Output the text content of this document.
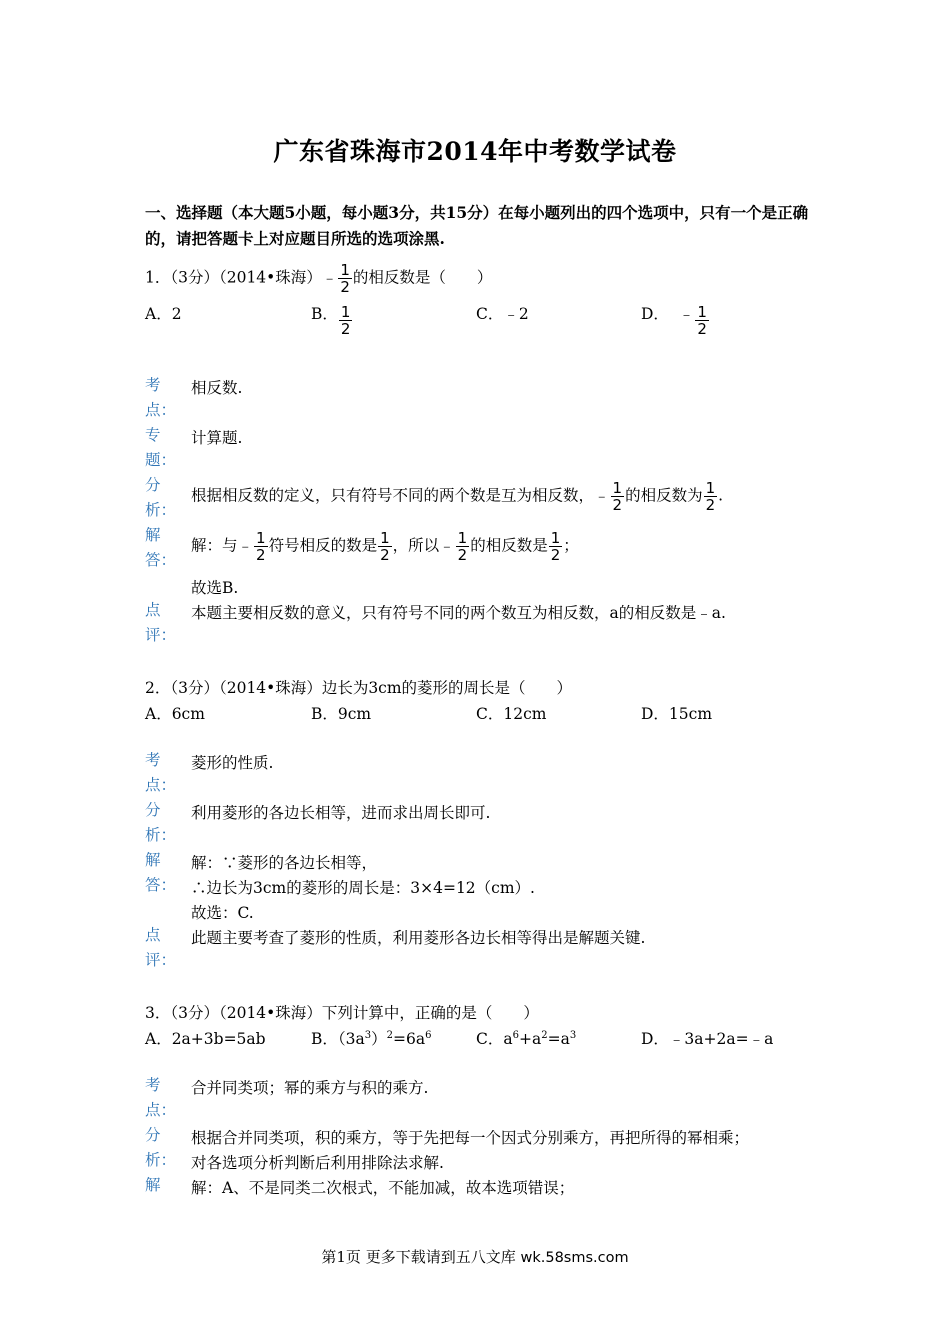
广东省珠海市2014年中考数学试卷
一、选择题（本大题5小题，每小题3分，共15分）在每小题列出的四个选项中，只有一个是正确的，请把答题卡上对应题目所选的选项涂黑.
1．（3分）（2014•珠海）﹣ $\frac{1}{2}$ 的相反数是（　　）
A．2	B． $\frac{1}{2}$	C．﹣2	D． ﹣ $\frac{1}{2}$
考
点：
相反数.
专
题：
计算题.
分
析：
根据相反数的定义，只有符号不同的两个数是互为相反数，﹣ $\frac{1}{2}$ 的相反数为 $\frac{1}{2}$ .
解
答：
解：与﹣ $\frac{1}{2}$ 符号相反的数是 $\frac{1}{2}$ ，所以﹣ $\frac{1}{2}$ 的相反数是 $\frac{1}{2}$ ；
故选B.
点
评：
本题主要相反数的意义，只有符号不同的两个数互为相反数，a的相反数是﹣a.
2．（3分）（2014•珠海）边长为3cm的菱形的周长是（　　）
A．6cm	B．9cm	C．12cm	D．15cm
考
点：
菱形的性质.
分
析：
利用菱形的各边长相等，进而求出周长即可.
解
答：
解：∵菱形的各边长相等，
∴边长为3cm的菱形的周长是：3×4=12（cm）.
故选：C.
点
评：
此题主要考查了菱形的性质，利用菱形各边长相等得出是解题关键.
3．（3分）（2014•珠海）下列计算中，正确的是（　　）
A．2a+3b=5ab	B．$(3a^3)^2=6a^6$	C．$a^6+a^2=a^3$	D．﹣3a+2a=﹣a
考
点：
合并同类项；幂的乘方与积的乘方.
分
析：
根据合并同类项，积的乘方，等于先把每一个因式分别乘方，再把所得的幂相乘；
对各选项分析判断后利用排除法求解.
解	解：A、不是同类二次根式，不能加减，故本选项错误；
第1页 更多下载请到五八文库 wk.58sms.com
